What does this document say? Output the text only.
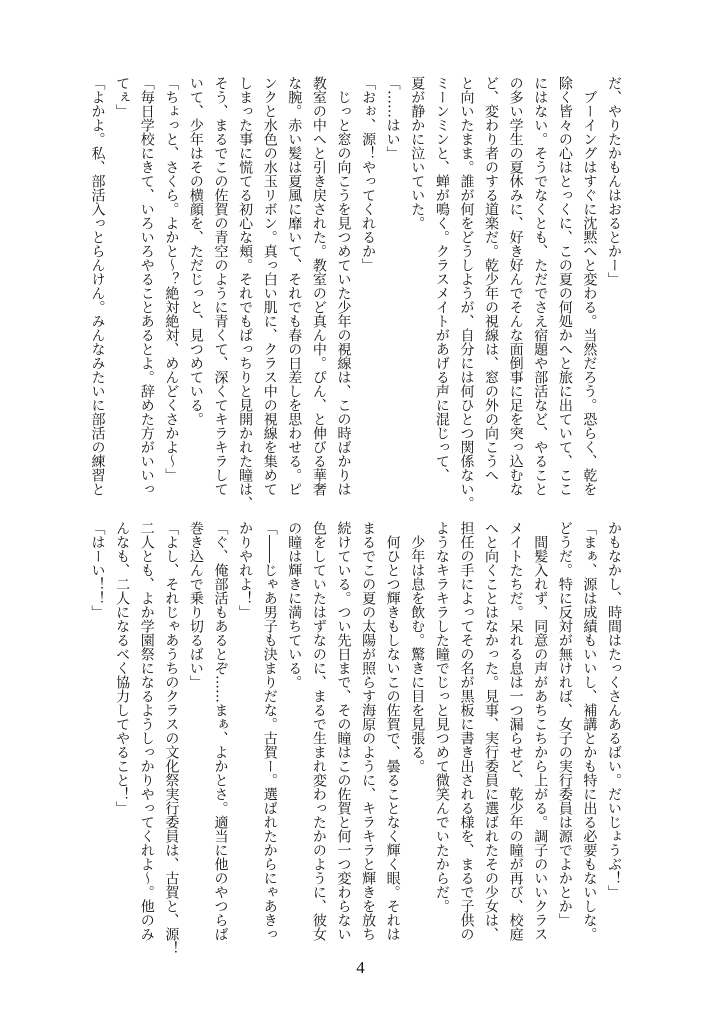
だ、やりたかもんはおるとかー」
　ブーイングはすぐに沈黙へと変わる。当然だろう。恐らく、乾を
除く皆々の心はとっくに、この夏の何処かへと旅に出ていて、ここ
にはない。そうでなくとも、ただでさえ宿題や部活など、やること
の多い学生の夏休みに、好き好んでそんな面倒事に足を突っ込むな
ど、変わり者のする道楽だ。乾少年の視線は、窓の外の向こうへ
と向いたまま。誰が何をどうしようが、自分には何ひとつ関係ない。
ミーンミンと、蝉が鳴く。クラスメイトがあげる声に混じって、
夏が静かに泣いていた。
「……はい」
「おぉ、源！やってくれるか」
　じっと窓の向こうを見つめていた少年の視線は、この時ばかりは
教室の中へと引き戻された。教室のど真ん中。ぴん、と伸びる華奢
な腕。赤い髪は夏風に靡いて、それでも春の日差しを思わせる。ピ
ンクと水色の水玉リボン。真っ白い肌に、クラス中の視線を集めて
しまった事に慌てる初心な頬。それでもぱっちりと見開かれた瞳は、
そう、まるでこの佐賀の青空のように青くて、深くてキラキラして
いて、少年はその横顔を、ただじっと、見つめている。
「ちょっと、さくら。よかと〜？絶対絶対、めんどくさかよ〜」
「毎日学校にきて、いろいろやることあるとよ。辞めた方がいいっ
てぇ」
「よかよ。私、部活入っとらんけん。みんなみたいに部活の練習と
かもなかし、時間はたっくさんあるばい。だいじょうぶ！」
「まぁ、源は成績もいいし、補講とかも特に出る必要もないしな。
どうだ。特に反対が無ければ、女子の実行委員は源でよかとか」
　間髪入れず、同意の声があちこちから上がる。調子のいいクラス
メイトたちだ。呆れる息は一つ漏らせど、乾少年の瞳が再び、校庭
へと向くことはなかった。見事、実行委員に選ばれたその少女は、
担任の手によってその名が黒板に書き出される様を、まるで子供の
ようなキラキラした瞳でじっと見つめて微笑んでいたからだ。
　少年は息を飲む。驚きに目を見張る。
　何ひとつ輝きもしないこの佐賀で、曇ることなく輝く眼。それは
まるでこの夏の太陽が照らす海原のように、キラキラと輝きを放ち
続けている。つい先日まで、その瞳はこの佐賀と何一つ変わらない
色をしていたはずなのに、まるで生まれ変わったかのように、彼女
の瞳は輝きに満ちている。
「――じゃあ男子も決まりだな。古賀ー。選ばれたからにゃあきっ
かりやれよ！」
「ぐ、俺部活もあるとぞ……まぁ、よかとさ。適当に他のやつらば
巻き込んで乗り切るばい」
「よし、それじゃあうちのクラスの文化祭実行委員は、古賀と、源！
二人とも、よか学園祭になるようしっかりやってくれよ〜。他のみ
んなも、二人になるべく協力してやること！」
「はーい！！」
4
